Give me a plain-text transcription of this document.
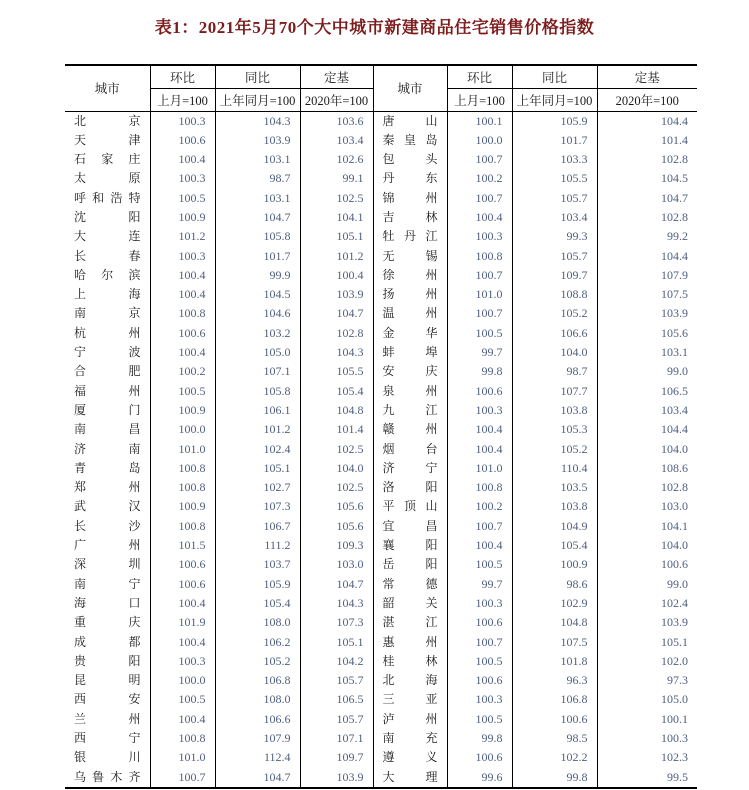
表1：2021年5月70个大中城市新建商品住宅销售价格指数
城市	环比	同比	定基	城市	环比	同比	定基
	上月=100	上年同月=100	2020年=100		上月=100	上年同月=100	2020年=100
北京	100.3	104.3	103.6	唐山	100.1	105.9	104.4
天津	100.6	103.9	103.4	秦皇岛	100.0	101.7	101.4
石家庄	100.4	103.1	102.6	包头	100.7	103.3	102.8
太原	100.3	98.7	99.1	丹东	100.2	105.5	104.5
呼和浩特	100.5	103.1	102.5	锦州	100.7	105.7	104.7
沈阳	100.9	104.7	104.1	吉林	100.4	103.4	102.8
大连	101.2	105.8	105.1	牡丹江	100.3	99.3	99.2
长春	100.3	101.7	101.2	无锡	100.8	105.7	104.4
哈尔滨	100.4	99.9	100.4	徐州	100.7	109.7	107.9
上海	100.4	104.5	103.9	扬州	101.0	108.8	107.5
南京	100.8	104.6	104.7	温州	100.7	105.2	103.9
杭州	100.6	103.2	102.8	金华	100.5	106.6	105.6
宁波	100.4	105.0	104.3	蚌埠	99.7	104.0	103.1
合肥	100.2	107.1	105.5	安庆	99.8	98.7	99.0
福州	100.5	105.8	105.4	泉州	100.6	107.7	106.5
厦门	100.9	106.1	104.8	九江	100.3	103.8	103.4
南昌	100.0	101.2	101.4	赣州	100.4	105.3	104.4
济南	101.0	102.4	102.5	烟台	100.4	105.2	104.0
青岛	100.8	105.1	104.0	济宁	101.0	110.4	108.6
郑州	100.8	102.7	102.5	洛阳	100.8	103.5	102.8
武汉	100.9	107.3	105.6	平顶山	100.2	103.8	103.0
长沙	100.8	106.7	105.6	宜昌	100.7	104.9	104.1
广州	101.5	111.2	109.3	襄阳	100.4	105.4	104.0
深圳	100.6	103.7	103.0	岳阳	100.5	100.9	100.6
南宁	100.6	105.9	104.7	常德	99.7	98.6	99.0
海口	100.4	105.4	104.3	韶关	100.3	102.9	102.4
重庆	101.9	108.0	107.3	湛江	100.6	104.8	103.9
成都	100.4	106.2	105.1	惠州	100.7	107.5	105.1
贵阳	100.3	105.2	104.2	桂林	100.5	101.8	102.0
昆明	100.0	106.8	105.7	北海	100.6	96.3	97.3
西安	100.5	108.0	106.5	三亚	100.3	106.8	105.0
兰州	100.4	106.6	105.7	泸州	100.5	100.6	100.1
西宁	100.8	107.9	107.1	南充	99.8	98.5	100.3
银川	101.0	112.4	109.7	遵义	100.6	102.2	102.3
乌鲁木齐	100.7	104.7	103.9	大理	99.6	99.8	99.5
